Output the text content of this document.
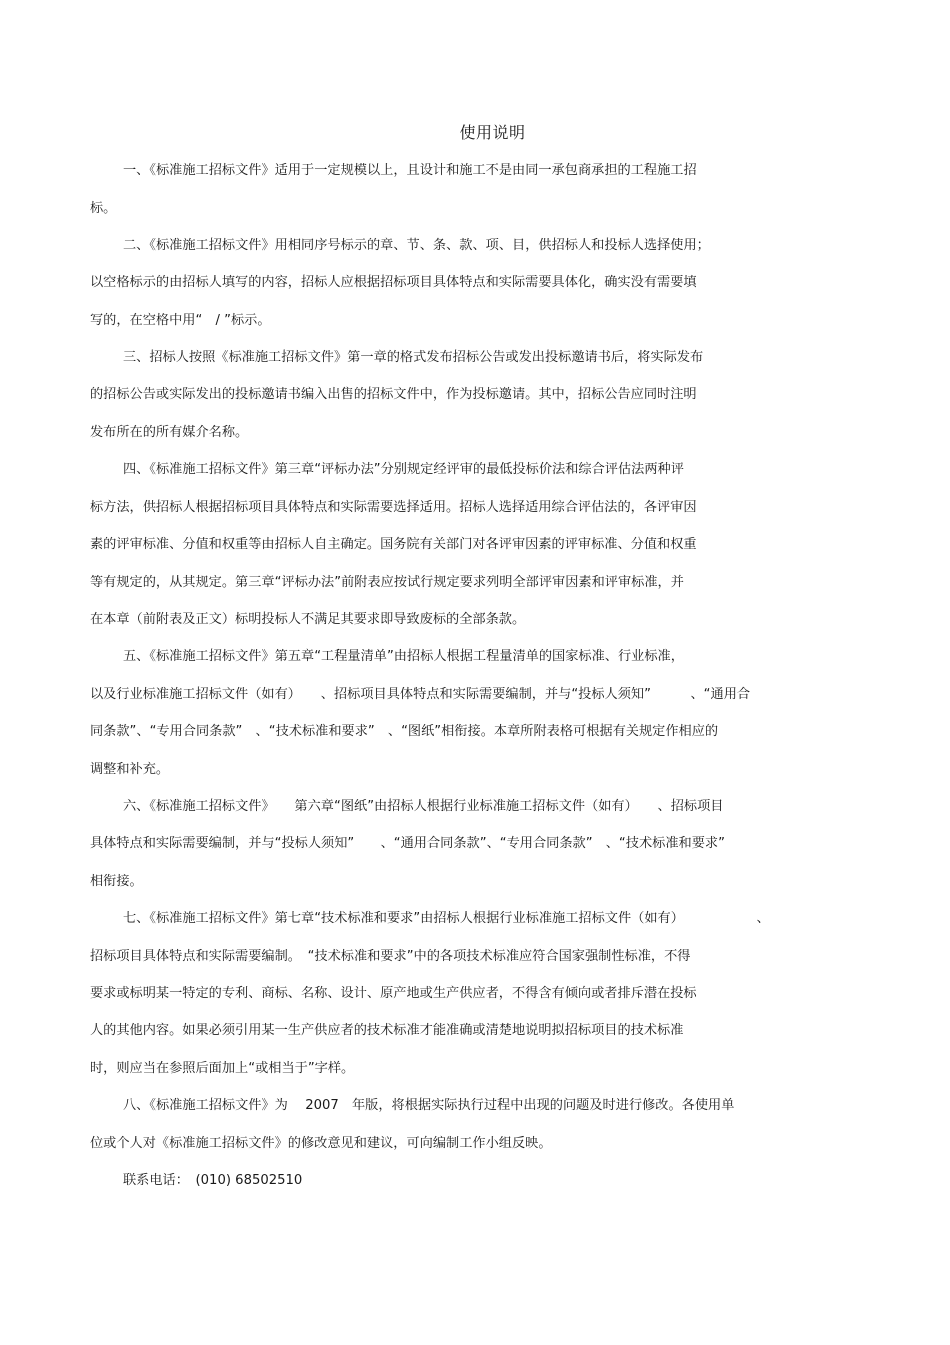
使用说明
一、《标准施工招标文件》适用于一定规模以上，且设计和施工不是由同一承包商承担的工程施工招
标。
二、《标准施工招标文件》用相同序号标示的章、节、条、款、项、目，供招标人和投标人选择使用；
以空格标示的由招标人填写的内容，招标人应根据招标项目具体特点和实际需要具体化，确实没有需要填
写的，在空格中用“　/ ”标示。
三、招标人按照《标准施工招标文件》第一章的格式发布招标公告或发出投标邀请书后，将实际发布
的招标公告或实际发出的投标邀请书编入出售的招标文件中，作为投标邀请。其中，招标公告应同时注明
发布所在的所有媒介名称。
四、《标准施工招标文件》第三章“评标办法”分别规定经评审的最低投标价法和综合评估法两种评
标方法，供招标人根据招标项目具体特点和实际需要选择适用。招标人选择适用综合评估法的，各评审因
素的评审标准、分值和权重等由招标人自主确定。国务院有关部门对各评审因素的评审标准、分值和权重
等有规定的，从其规定。第三章“评标办法”前附表应按试行规定要求列明全部评审因素和评审标准，并
在本章（前附表及正文）标明投标人不满足其要求即导致废标的全部条款。
五、《标准施工招标文件》第五章“工程量清单”由招标人根据工程量清单的国家标准、行业标准，
以及行业标准施工招标文件（如有）　　、招标项目具体特点和实际需要编制，并与“投标人须知”　　　、“通用合
同条款”、“专用合同条款”　、“技术标准和要求”　、“图纸”相衔接。本章所附表格可根据有关规定作相应的
调整和补充。
六、《标准施工招标文件》　　第六章“图纸”由招标人根据行业标准施工招标文件（如有）　　、招标项目
具体特点和实际需要编制，并与“投标人须知”　　、“通用合同条款”、“专用合同条款”　、“技术标准和要求”
相衔接。
七、《标准施工招标文件》第七章“技术标准和要求”由招标人根据行业标准施工招标文件（如有）　　　　　　、
招标项目具体特点和实际需要编制。　“技术标准和要求”中的各项技术标准应符合国家强制性标准，不得
要求或标明某一特定的专利、商标、名称、设计、原产地或生产供应者，不得含有倾向或者排斥潜在投标
人的其他内容。如果必须引用某一生产供应者的技术标准才能准确或清楚地说明拟招标项目的技术标准
时，则应当在参照后面加上“或相当于”字样。
八、《标准施工招标文件》为　 2007　年版，将根据实际执行过程中出现的问题及时进行修改。各使用单
位或个人对《标准施工招标文件》的修改意见和建议，可向编制工作小组反映。
联系电话：　(010) 68502510
